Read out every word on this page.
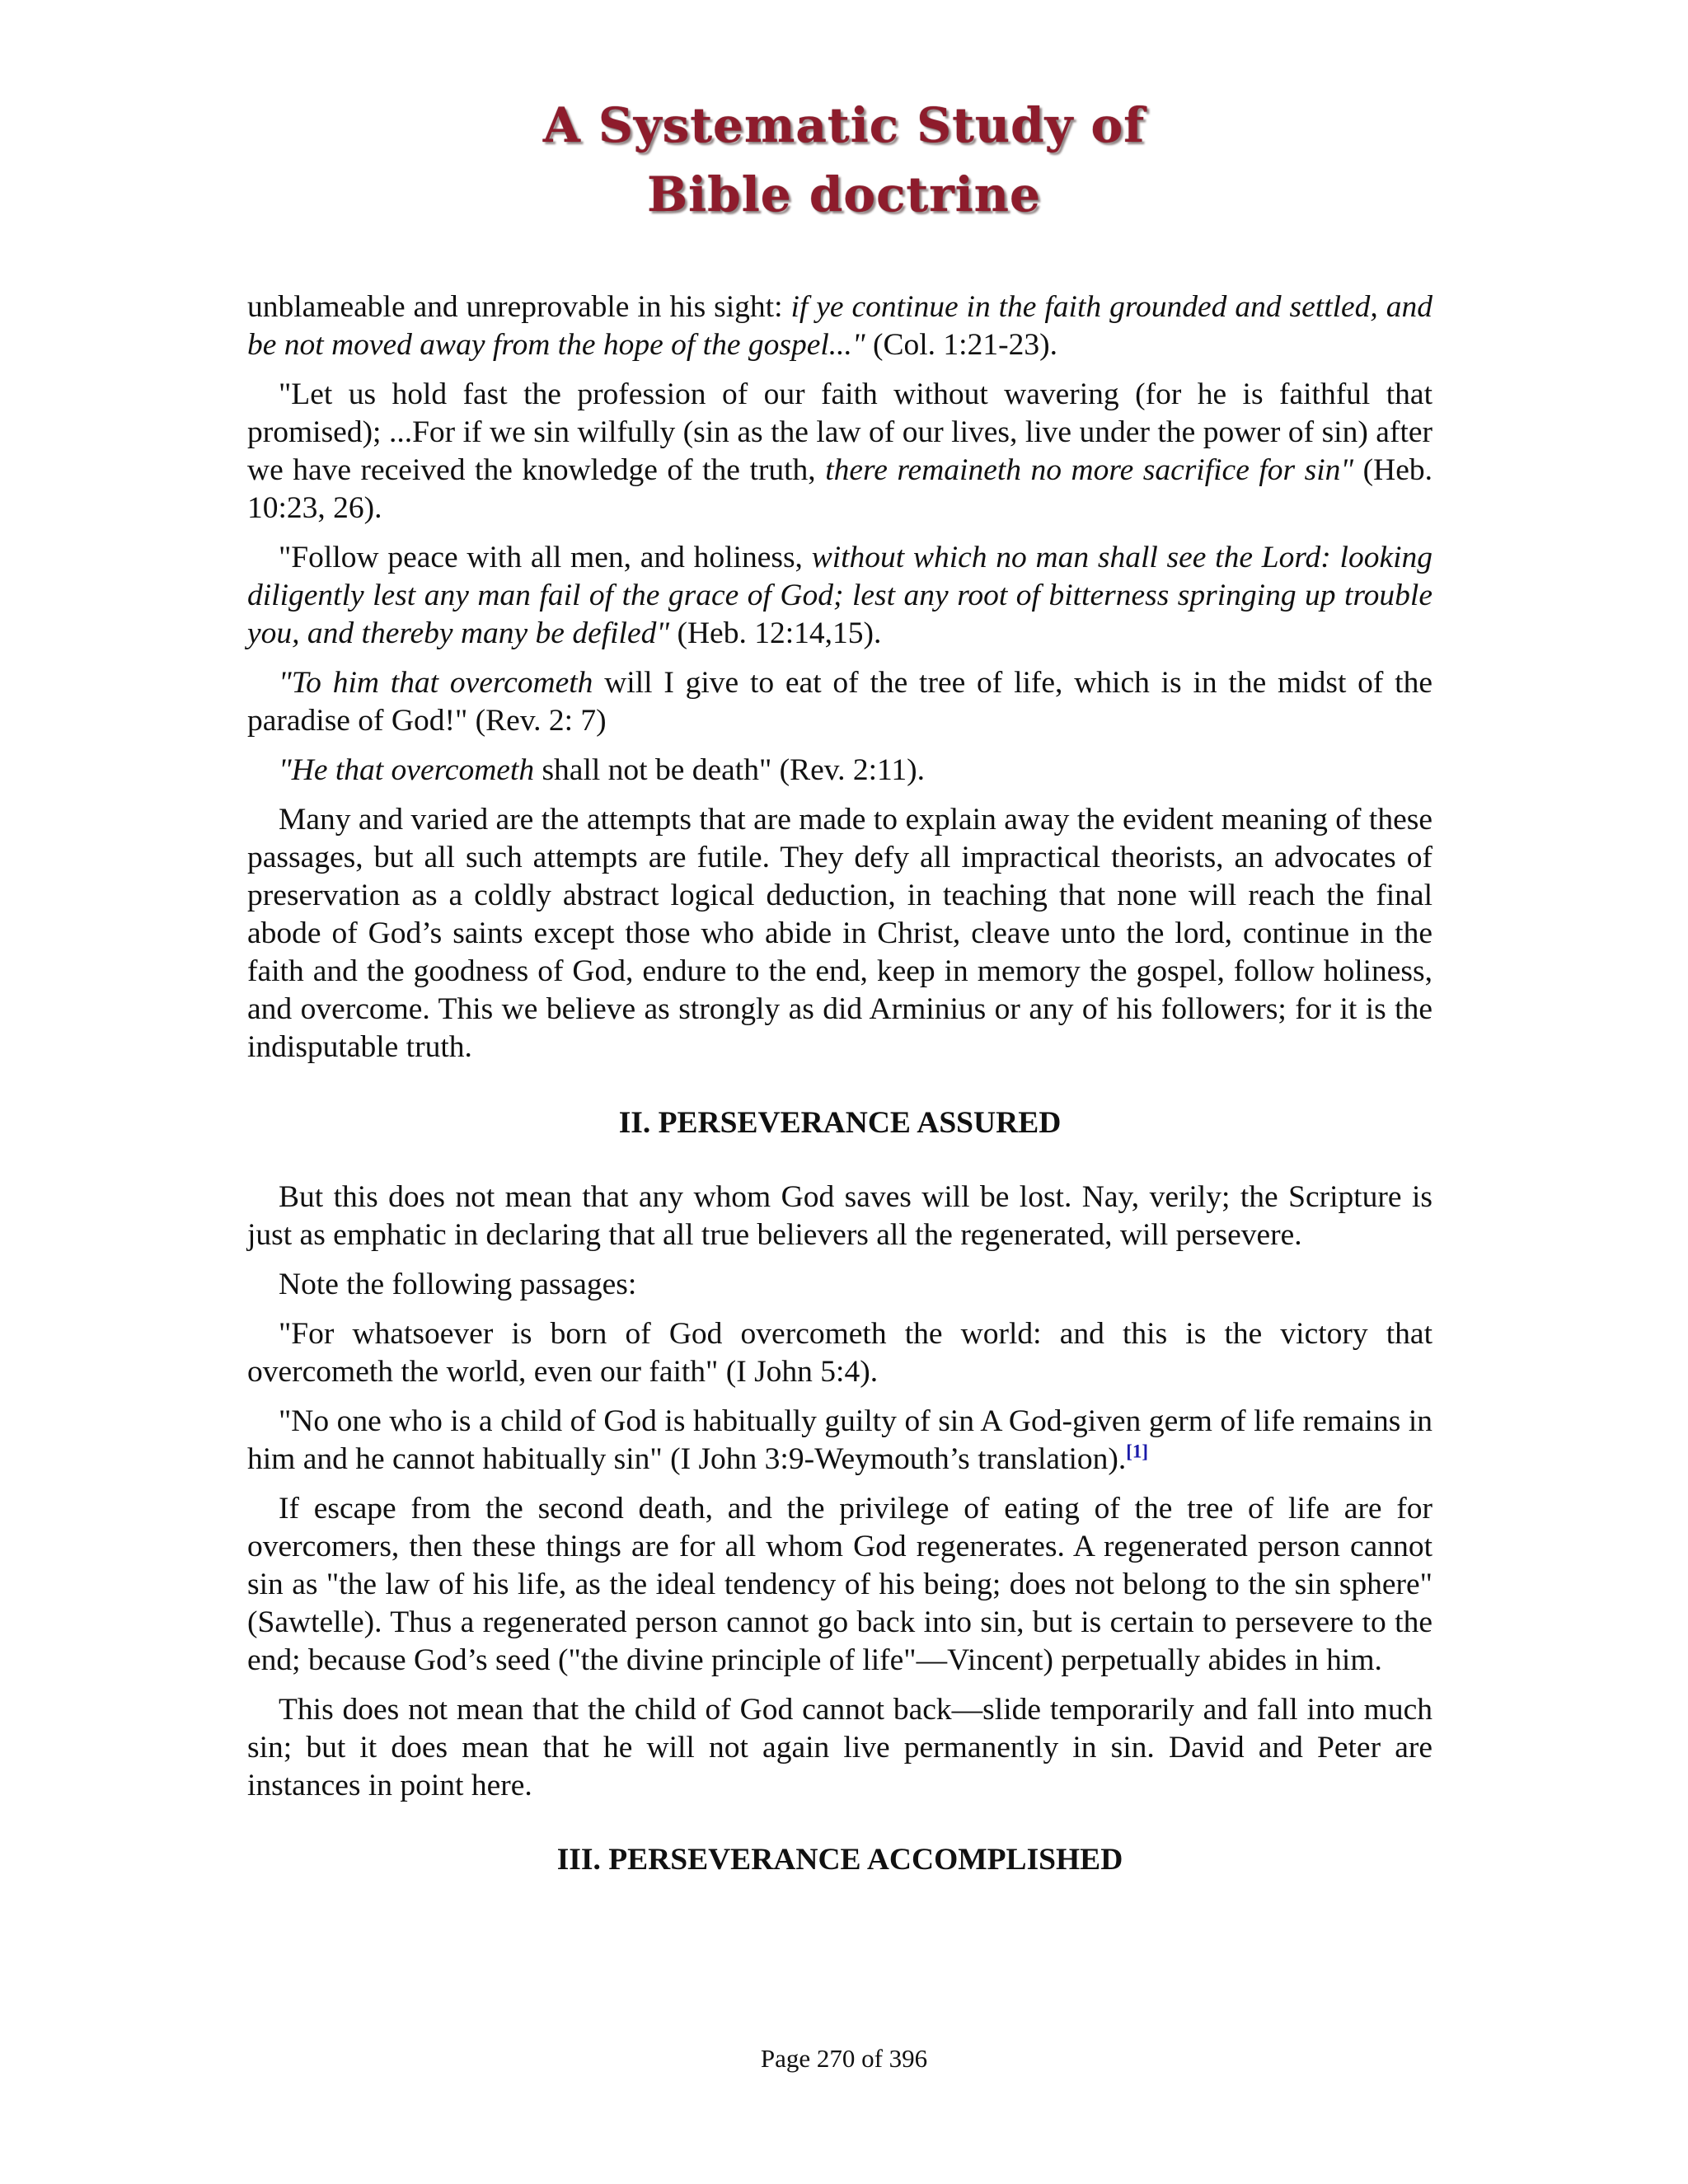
A Systematic Study of
Bible doctrine

unblameable and unreprovable in his sight: if ye continue in the faith grounded and settled, and be not moved away from the hope of the gospel..." (Col. 1:21-23).

"Let us hold fast the profession of our faith without wavering (for he is faithful that promised); ...For if we sin wilfully (sin as the law of our lives, live under the power of sin) after we have received the knowledge of the truth, there remaineth no more sacrifice for sin" (Heb. 10:23, 26).

"Follow peace with all men, and holiness, without which no man shall see the Lord: looking diligently lest any man fail of the grace of God; lest any root of bitterness springing up trouble you, and thereby many be defiled" (Heb. 12:14,15).

"To him that overcometh will I give to eat of the tree of life, which is in the midst of the paradise of God!" (Rev. 2: 7)

"He that overcometh shall not be death" (Rev. 2:11).

Many and varied are the attempts that are made to explain away the evident meaning of these passages, but all such attempts are futile. They defy all impractical theorists, an advocates of preservation as a coldly abstract logical deduction, in teaching that none will reach the final abode of God’s saints except those who abide in Christ, cleave unto the lord, continue in the faith and the goodness of God, endure to the end, keep in memory the gospel, follow holiness, and overcome. This we believe as strongly as did Arminius or any of his followers; for it is the indisputable truth.

II. PERSEVERANCE ASSURED

But this does not mean that any whom God saves will be lost. Nay, verily; the Scripture is just as emphatic in declaring that all true believers all the regenerated, will persevere.

Note the following passages:

"For whatsoever is born of God overcometh the world: and this is the victory that overcometh the world, even our faith" (I John 5:4).

"No one who is a child of God is habitually guilty of sin A God-given germ of life remains in him and he cannot habitually sin" (I John 3:9-Weymouth’s translation).[1]

If escape from the second death, and the privilege of eating of the tree of life are for overcomers, then these things are for all whom God regenerates. A regenerated person cannot sin as "the law of his life, as the ideal tendency of his being; does not belong to the sin sphere" (Sawtelle). Thus a regenerated person cannot go back into sin, but is certain to persevere to the end; because God’s seed ("the divine principle of life"—Vincent) perpetually abides in him.

This does not mean that the child of God cannot back—slide temporarily and fall into much sin; but it does mean that he will not again live permanently in sin. David and Peter are instances in point here.

III. PERSEVERANCE ACCOMPLISHED
Page 270 of 396
